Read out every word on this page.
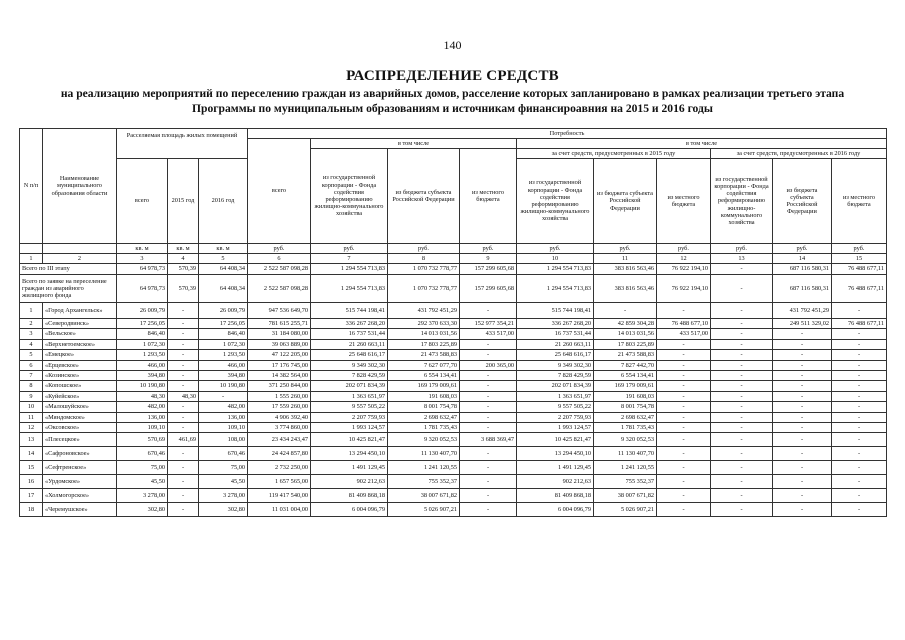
140
РАСПРЕДЕЛЕНИЕ СРЕДСТВ
на реализацию мероприятий по переселению граждан из аварийных домов, расселение которых запланировано в рамках реализации третьего этапа Программы по муниципальным образованиям и источникам финансироавния на 2015 и 2016 годы
N п/п	Наименование муниципального образования области	Расселяемая площадь жилых помещений			Потребность									
					всего	в том числе			в том числе					
						из государственной корпорации - Фонда содействия реформированию жилищно-коммунального хозяйства	из бюджета субъекта Российской Федерации	из местного бюджета	за счет средств, предусмотренных в 2015 году			за счет средств, предусмотренных в 2016 году		
		всего	2015 год	2016 год					из государственной корпорации - Фонда содействия реформированию жилищно-коммунального хозяйства	из бюджета субъекта Российской Федерации	из местного бюджета	из государственной корпорации - Фонда содействия реформированию жилищно-коммунального хозяйства	из бюджета субъекта Российской Федерации	из местного бюджета
		кв. м	кв. м	кв. м	руб.	руб.	руб.	руб.	руб.	руб.	руб.	руб.	руб.	руб.
1	2	3	4	5	6	7	8	9	10	11	12	13	14	15
Всего по III этапу		64 978,73	570,39	64 408,34	2 522 587 098,28	1 294 554 713,83	1 070 732 778,77	157 299 605,68	1 294 554 713,83	383 816 563,46	76 922 194,10	-	687 116 580,31	76 488 677,11
Всего по заявке на переселение граждан из аварийного жилищного фонда		64 978,73	570,39	64 408,34	2 522 587 098,28	1 294 554 713,83	1 070 732 778,77	157 299 605,68	1 294 554 713,83	383 816 563,46	76 922 194,10	-	687 116 580,31	76 488 677,11
1	«Город Архангельск»	26 009,79	-	26 009,79	947 536 649,70	515 744 198,41	431 792 451,29	-	515 744 198,41	-	-	-	431 792 451,29	-
2	«Северодвинск»	17 256,05	-	17 256,05	781 615 255,71	336 267 268,20	292 370 633,30	152 977 354,21	336 267 268,20	42 859 304,28	76 488 677,10	-	249 511 329,02	76 488 677,11
3	«Вельское»	846,40	-	846,40	31 184 080,00	16 737 531,44	14 013 031,56	433 517,00	16 737 531,44	14 013 031,56	433 517,00	-	-	-
4	«Верхнетоемское»	1 072,30	-	1 072,30	39 063 889,00	21 260 663,11	17 803 225,89	-	21 260 663,11	17 803 225,89	-	-	-	-
5	«Емецкое»	1 293,50	-	1 293,50	47 122 205,00	25 648 616,17	21 473 588,83	-	25 648 616,17	21 473 588,83	-	-	-	-
6	«Ерцевское»	466,00	-	466,00	17 176 745,00	9 349 302,30	7 627 077,70	200 365,00	9 349 302,30	7 827 442,70	-	-	-	-
7	«Козинское»	394,80	-	394,80	14 382 564,00	7 828 429,59	6 554 134,41	-	7 828 429,59	6 554 134,41	-	-	-	-
8	«Копошское»	10 190,80	-	10 190,80	371 250 844,00	202 071 834,39	169 179 009,61	-	202 071 834,39	169 179 009,61	-	-	-	-
9	«Куйейское»	48,30	48,30	-	1 555 260,00	1 363 651,97	191 608,03	-	1 363 651,97	191 608,03	-	-	-	-
10	«Малошуйское»	482,00	-	482,00	17 559 260,00	9 557 505,22	8 001 754,78	-	9 557 505,22	8 001 754,78	-	-	-	-
11	«Мяндомское»	136,00	-	136,00	4 906 392,40	2 207 759,93	2 698 632,47	-	2 207 759,93	2 698 632,47	-	-	-	-
12	«Оксовское»	109,10	-	109,10	3 774 860,00	1 993 124,57	1 781 735,43	-	1 993 124,57	1 781 735,43	-	-	-	-
13	«Плесецкое»	570,69	461,69	108,00	23 434 243,47	10 425 821,47	9 320 052,53	3 688 369,47	10 425 821,47	9 320 052,53	-	-	-	-
14	«Сафроновское»	670,46	-	670,46	24 424 857,80	13 294 450,10	11 130 407,70	-	13 294 450,10	11 130 407,70	-	-	-	-
15	«Сефтренское»	75,00	-	75,00	2 732 250,00	1 491 129,45	1 241 120,55	-	1 491 129,45	1 241 120,55	-	-	-	-
16	«Урдомское»	45,50	-	45,50	1 657 565,00	902 212,63	755 352,37	-	902 212,63	755 352,37	-	-	-	-
17	«Холмогорское»	3 278,00	-	3 278,00	119 417 540,00	81 409 868,18	38 007 671,82	-	81 409 868,18	38 007 671,82	-	-	-	-
18	«Черемушское»	302,80	-	302,80	11 031 004,00	6 004 096,79	5 026 907,21	-	6 004 096,79	5 026 907,21	-	-	-	-
